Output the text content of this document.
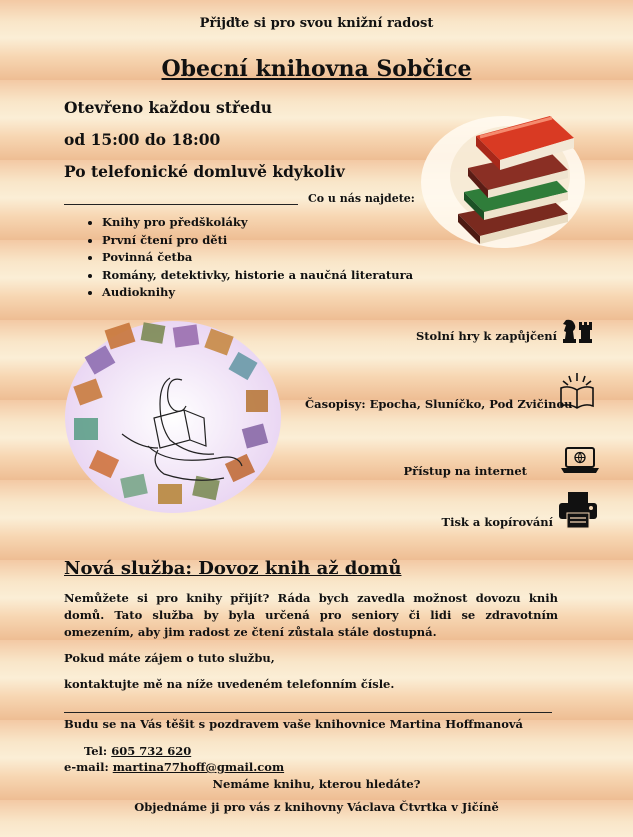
Přijďte si pro svou knižní radost
Obecní knihovna Sobčice
Otevřeno každou středu
od 15:00 do 18:00
Po telefonické domluvě kdykoliv
Co u nás najdete:
• Knihy pro předškoláky
• První čtení pro děti
• Povinná četba
• Romány, detektivky, historie a naučná literatura
• Audioknihy
Stolní hry k zapůjčení
Časopisy: Epocha, Sluníčko, Pod Zvičinou
Přístup na internet
Tisk a kopírování
Nová služba: Dovoz knih až domů
Nemůžete si pro knihy přijít? Ráda bych zavedla možnost dovozu knih domů. Tato služba by byla určená pro seniory či lidi se zdravotním omezením, aby jim radost ze čtení zůstala stále dostupná.
Pokud máte zájem o tuto službu,
kontaktujte mě na níže uvedeném telefonním čísle.
Budu se na Vás těšit s pozdravem vaše knihovnice Martina Hoffmanová
Tel: 605 732 620
e-mail: martina77hoff@gmail.com
Nemáme knihu, kterou hledáte?
Objednáme ji pro vás z knihovny Václava Čtvrtka v Jičíně
